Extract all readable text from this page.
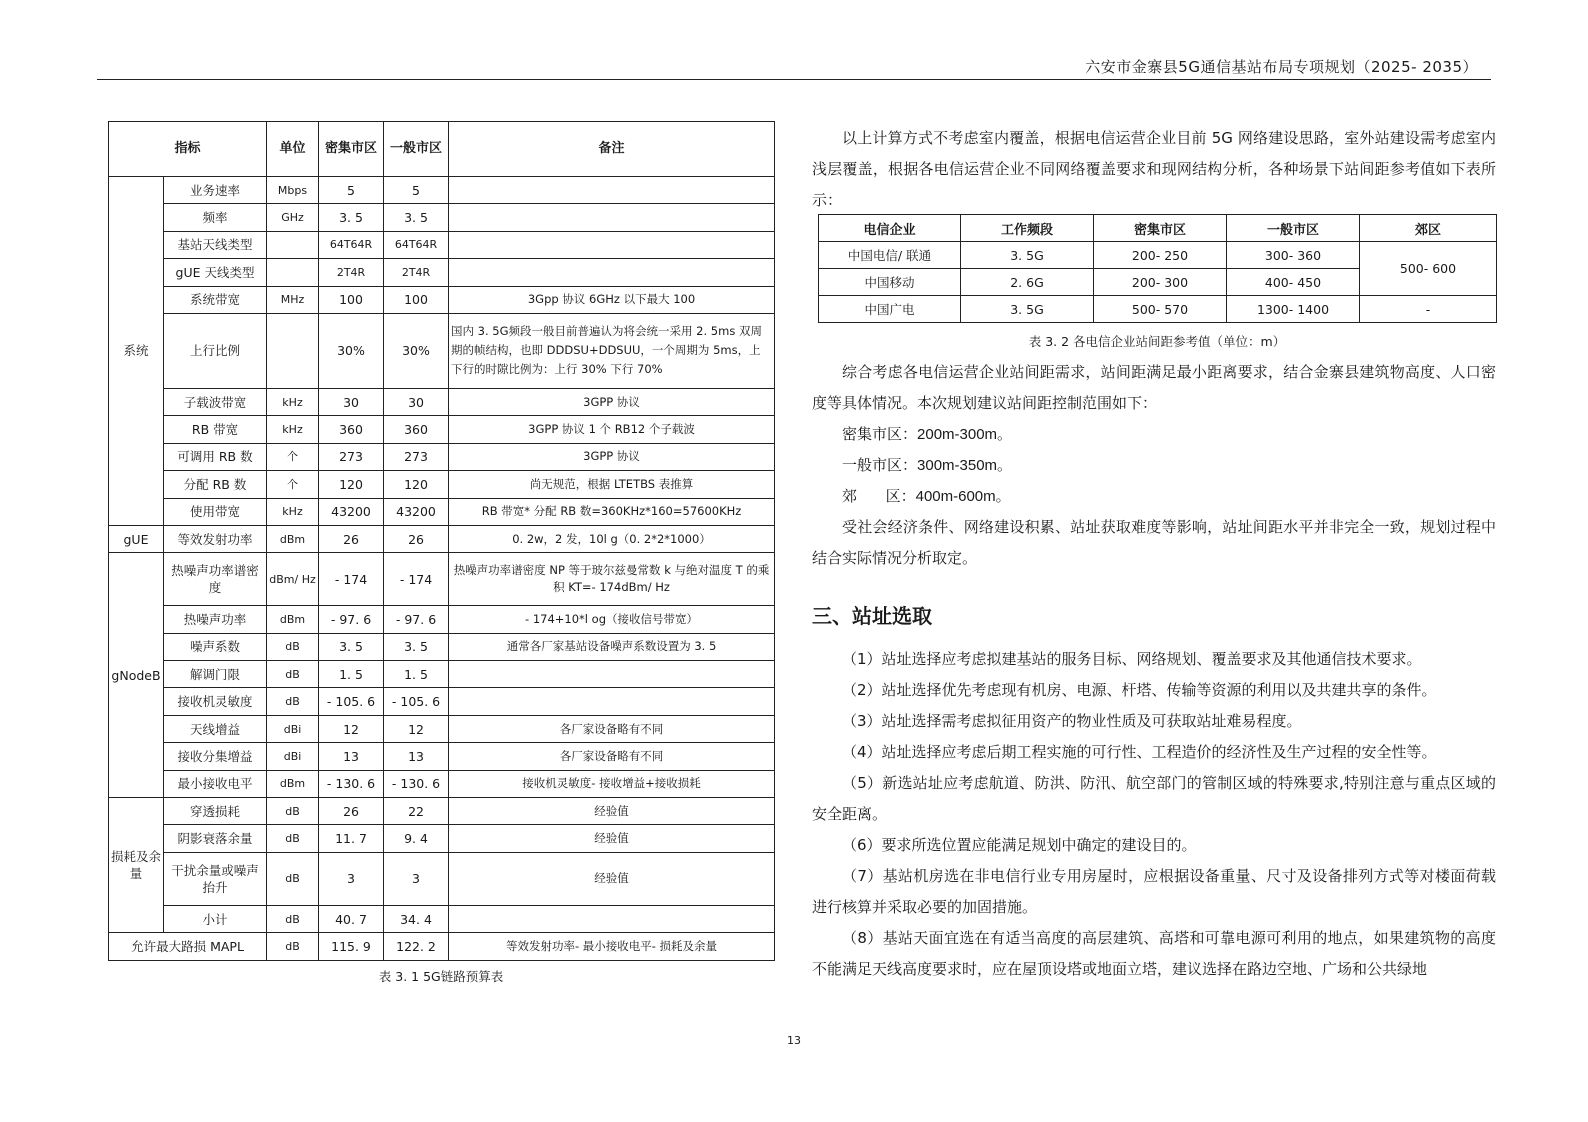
六安市金寨县5G通信基站布局专项规划（2025- 2035）
指标		单位	密集市区	一般市区	备注
系统	业务速率	Mbps	5	5	
	频率	GHz	3. 5	3. 5	
	基站天线类型		64T64R	64T64R	
	gUE 天线类型		2T4R	2T4R	
	系统带宽	MHz	100	100	3Gpp 协议 6GHz 以下最大 100
	上行比例		30%	30%	国内 3. 5G频段一般目前普遍认为将会统一采用 2. 5ms 双周期的帧结构，也即 DDDSU+DDSUU，一个周期为 5ms，上下行的时隙比例为：上行 30% 下行 70%
	子载波带宽	kHz	30	30	3GPP 协议
	RB 带宽	kHz	360	360	3GPP 协议 1 个 RB12 个子载波
	可调用 RB 数	个	273	273	3GPP 协议
	分配 RB 数	个	120	120	尚无规范，根据 LTETBS 表推算
	使用带宽	kHz	43200	43200	RB 带宽* 分配 RB 数=360KHz*160=57600KHz
gUE	等效发射功率	dBm	26	26	0. 2w，2 发，10l g（0. 2*2*1000）
gNodeB	热噪声功率谱密度	dBm/ Hz	- 174	- 174	热噪声功率谱密度 NP 等于玻尔兹曼常数 k 与绝对温度 T 的乘积 KT=- 174dBm/ Hz
	热噪声功率	dBm	- 97. 6	- 97. 6	- 174+10*l og（接收信号带宽）
	噪声系数	dB	3. 5	3. 5	通常各厂家基站设备噪声系数设置为 3. 5
	解调门限	dB	1. 5	1. 5	
	接收机灵敏度	dB	- 105. 6	- 105. 6	
	天线增益	dBi	12	12	各厂家设备略有不同
	接收分集增益	dBi	13	13	各厂家设备略有不同
	最小接收电平	dBm	- 130. 6	- 130. 6	接收机灵敏度- 接收增益+接收损耗
损耗及余量	穿透损耗	dB	26	22	经验值
	阴影衰落余量	dB	11. 7	9. 4	经验值
	干扰余量或噪声抬升	dB	3	3	经验值
	小计	dB	40. 7	34. 4	
允许最大路损 MAPL		dB	115. 9	122. 2	等效发射功率- 最小接收电平- 损耗及余量
表 3. 1 5G链路预算表

以上计算方式不考虑室内覆盖，根据电信运营企业目前 5G 网络建设思路，室外站建设需考虑室内浅层覆盖，根据各电信运营企业不同网络覆盖要求和现网结构分析，各种场景下站间距参考值如下表所示：

电信企业	工作频段	密集市区	一般市区	郊区
中国电信/ 联通	3. 5G	200- 250	300- 360	500- 600
中国移动	2. 6G	200- 300	400- 450	
中国广电	3. 5G	500- 570	1300- 1400	-
表 3. 2 各电信企业站间距参考值（单位：m）

综合考虑各电信运营企业站间距需求，站间距满足最小距离要求，结合金寨县建筑物高度、人口密度等具体情况。本次规划建议站间距控制范围如下：

密集市区：200m-300m。

一般市区：300m-350m。

郊      区：400m-600m。

受社会经济条件、网络建设积累、站址获取难度等影响，站址间距水平并非完全一致，规划过程中结合实际情况分析取定。

三、站址选取

（1）站址选择应考虑拟建基站的服务目标、网络规划、覆盖要求及其他通信技术要求。

（2）站址选择优先考虑现有机房、电源、杆塔、传输等资源的利用以及共建共享的条件。

（3）站址选择需考虑拟征用资产的物业性质及可获取站址难易程度。

（4）站址选择应考虑后期工程实施的可行性、工程造价的经济性及生产过程的安全性等。

（5）新选站址应考虑航道、防洪、防汛、航空部门的管制区域的特殊要求,特别注意与重点区域的安全距离。

（6）要求所选位置应能满足规划中确定的建设目的。

（7）基站机房选在非电信行业专用房屋时，应根据设备重量、尺寸及设备排列方式等对楼面荷载进行核算并采取必要的加固措施。

（8）基站天面宜选在有适当高度的高层建筑、高塔和可靠电源可利用的地点，如果建筑物的高度不能满足天线高度要求时，应在屋顶设塔或地面立塔，建议选择在路边空地、广场和公共绿地

13
